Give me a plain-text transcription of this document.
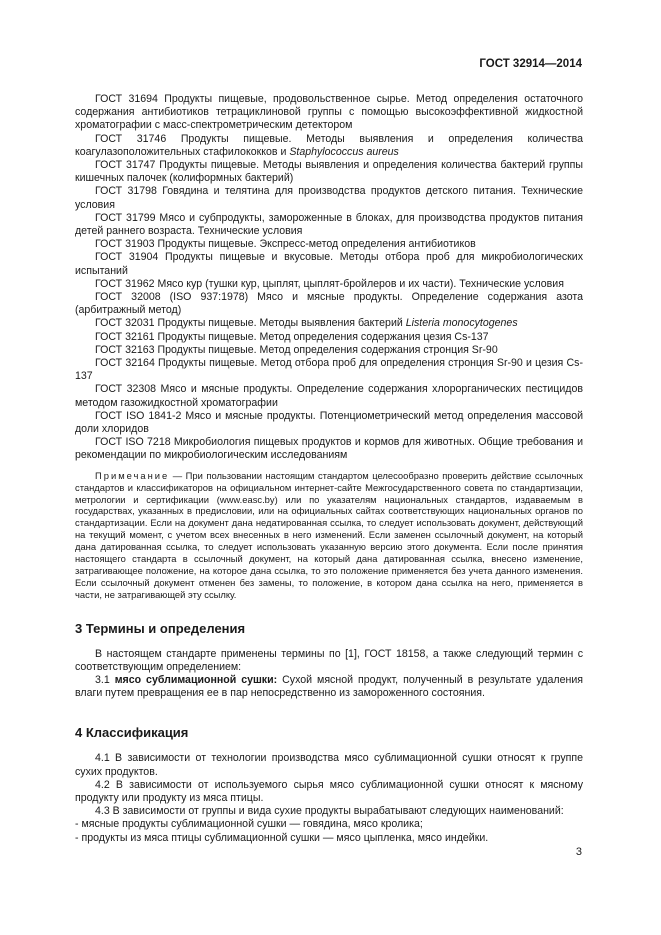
ГОСТ 32914—2014

ГОСТ 31694 Продукты пищевые, продовольственное сырье. Метод определения остаточного содержания антибиотиков тетрациклиновой группы с помощью высокоэффективной жидкостной хроматографии с масс-спектрометрическим детектором

ГОСТ 31746 Продукты пищевые. Методы выявления и определения количества коагулазоположительных стафилококков и Staphylococcus aureus

ГОСТ 31747 Продукты пищевые. Методы выявления и определения количества бактерий группы кишечных палочек (колиформных бактерий)

ГОСТ 31798 Говядина и телятина для производства продуктов детского питания. Технические условия

ГОСТ 31799 Мясо и субпродукты, замороженные в блоках, для производства продуктов питания детей раннего возраста. Технические условия

ГОСТ 31903 Продукты пищевые. Экспресс-метод определения антибиотиков

ГОСТ 31904 Продукты пищевые и вкусовые. Методы отбора проб для микробиологических испытаний

ГОСТ 31962 Мясо кур (тушки кур, цыплят, цыплят-бройлеров и их части). Технические условия

ГОСТ 32008 (ISO 937:1978) Мясо и мясные продукты. Определение содержания азота (арбитражный метод)

ГОСТ 32031 Продукты пищевые. Методы выявления бактерий Listeria monocytogenes

ГОСТ 32161 Продукты пищевые. Метод определения содержания цезия Cs-137

ГОСТ 32163 Продукты пищевые. Метод определения содержания стронция Sr-90

ГОСТ 32164 Продукты пищевые. Метод отбора проб для определения стронция Sr-90 и цезия Cs-137

ГОСТ 32308 Мясо и мясные продукты. Определение содержания хлорорганических пестицидов методом газожидкостной хроматографии

ГОСТ ISO 1841-2 Мясо и мясные продукты. Потенциометрический метод определения массовой доли хлоридов

ГОСТ ISO 7218 Микробиология пищевых продуктов и кормов для животных. Общие требования и рекомендации по микробиологическим исследованиям

Примечание — При пользовании настоящим стандартом целесообразно проверить действие ссылочных стандартов и классификаторов на официальном интернет-сайте Межгосударственного совета по стандартизации, метрологии и сертификации (www.easc.by) или по указателям национальных стандартов, издаваемым в государствах, указанных в предисловии, или на официальных сайтах соответствующих национальных органов по стандартизации. Если на документ дана недатированная ссылка, то следует использовать документ, действующий на текущий момент, с учетом всех внесенных в него изменений. Если заменен ссылочный документ, на который дана датированная ссылка, то следует использовать указанную версию этого документа. Если после принятия настоящего стандарта в ссылочный документ, на который дана датированная ссылка, внесено изменение, затрагивающее положение, на которое дана ссылка, то это положение применяется без учета данного изменения. Если ссылочный документ отменен без замены, то положение, в котором дана ссылка на него, применяется в части, не затрагивающей эту ссылку.
3 Термины и определения

В настоящем стандарте применены термины по [1], ГОСТ 18158, а также следующий термин с соответствующим определением:

3.1 мясо сублимационной сушки: Сухой мясной продукт, полученный в результате удаления влаги путем превращения ее в пар непосредственно из замороженного состояния.

4 Классификация

4.1 В зависимости от технологии производства мясо сублимационной сушки относят к группе сухих продуктов.

4.2 В зависимости от используемого сырья мясо сублимационной сушки относят к мясному продукту или продукту из мяса птицы.

4.3 В зависимости от группы и вида сухие продукты вырабатывают следующих наименований:

- мясные продукты сублимационной сушки — говядина, мясо кролика;

- продукты из мяса птицы сублимационной сушки — мясо цыпленка, мясо индейки.

3
